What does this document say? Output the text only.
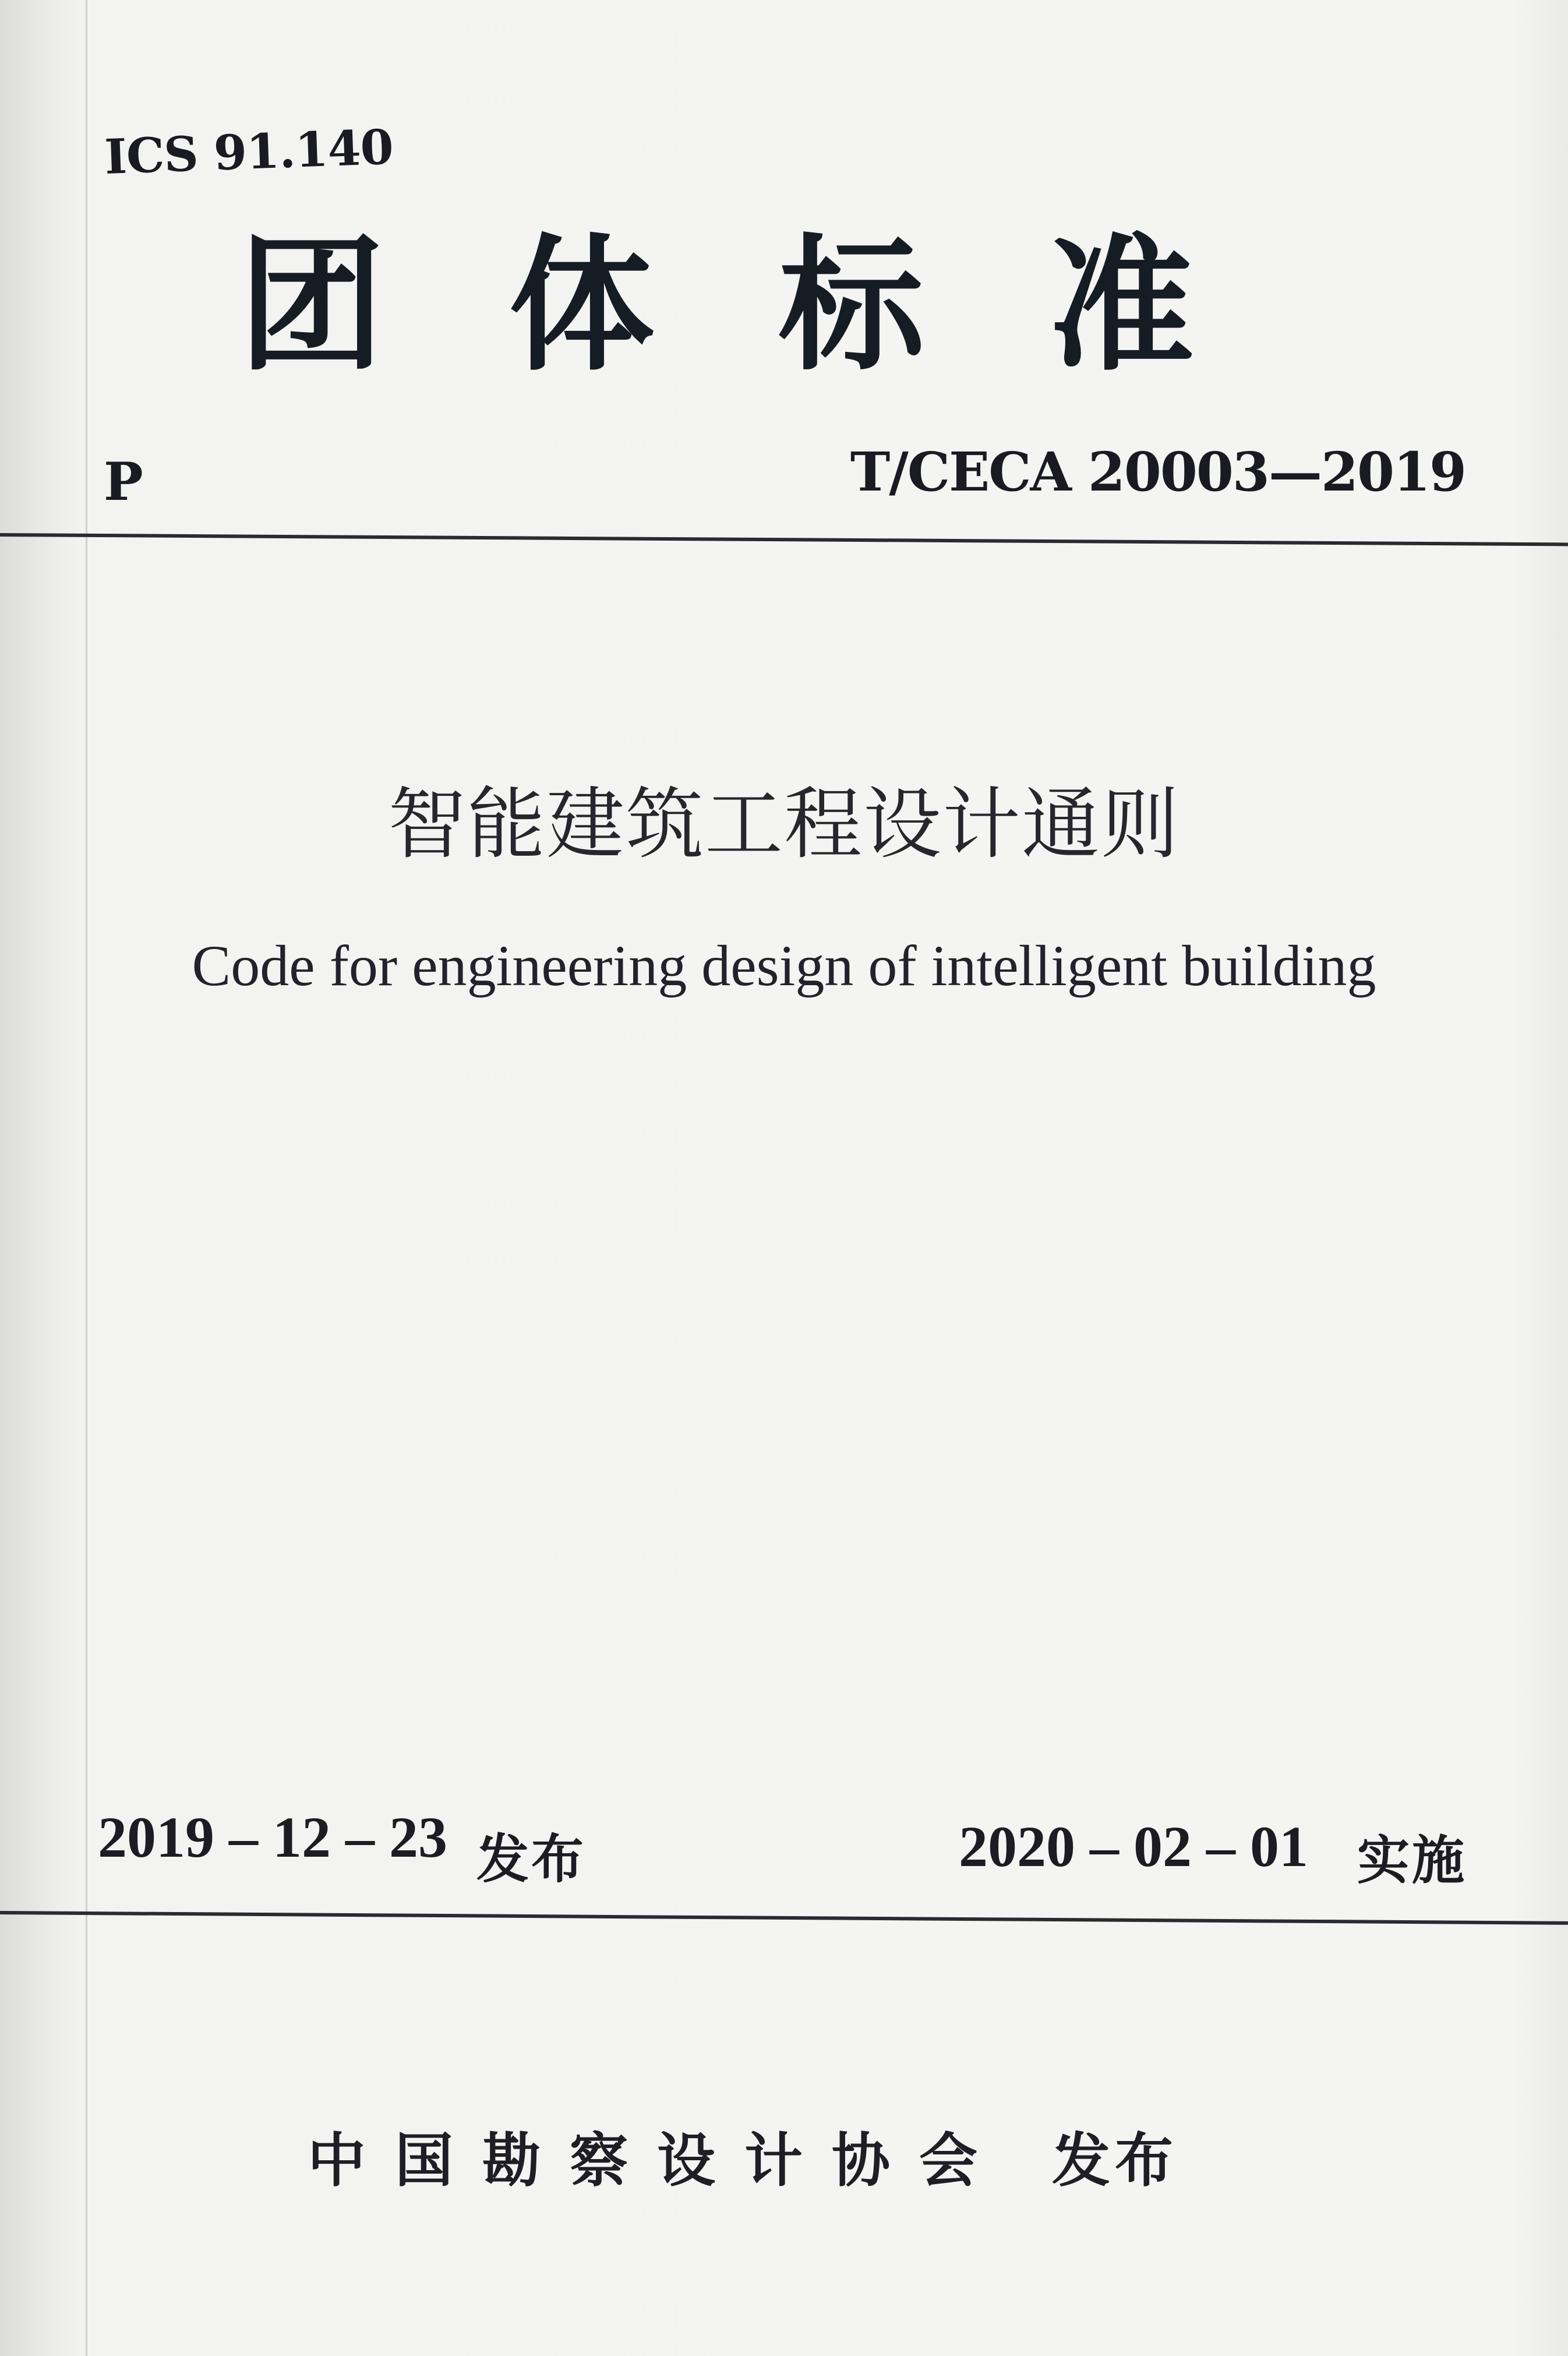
ICS 91.140
团 体 标 准
P	T/CECA 20003—2019
智能建筑工程设计通则
Code for engineering design of intelligent building
2019 – 12 – 23 发布	2020 – 02 – 01 实施
中国勘察设计协会 发布
